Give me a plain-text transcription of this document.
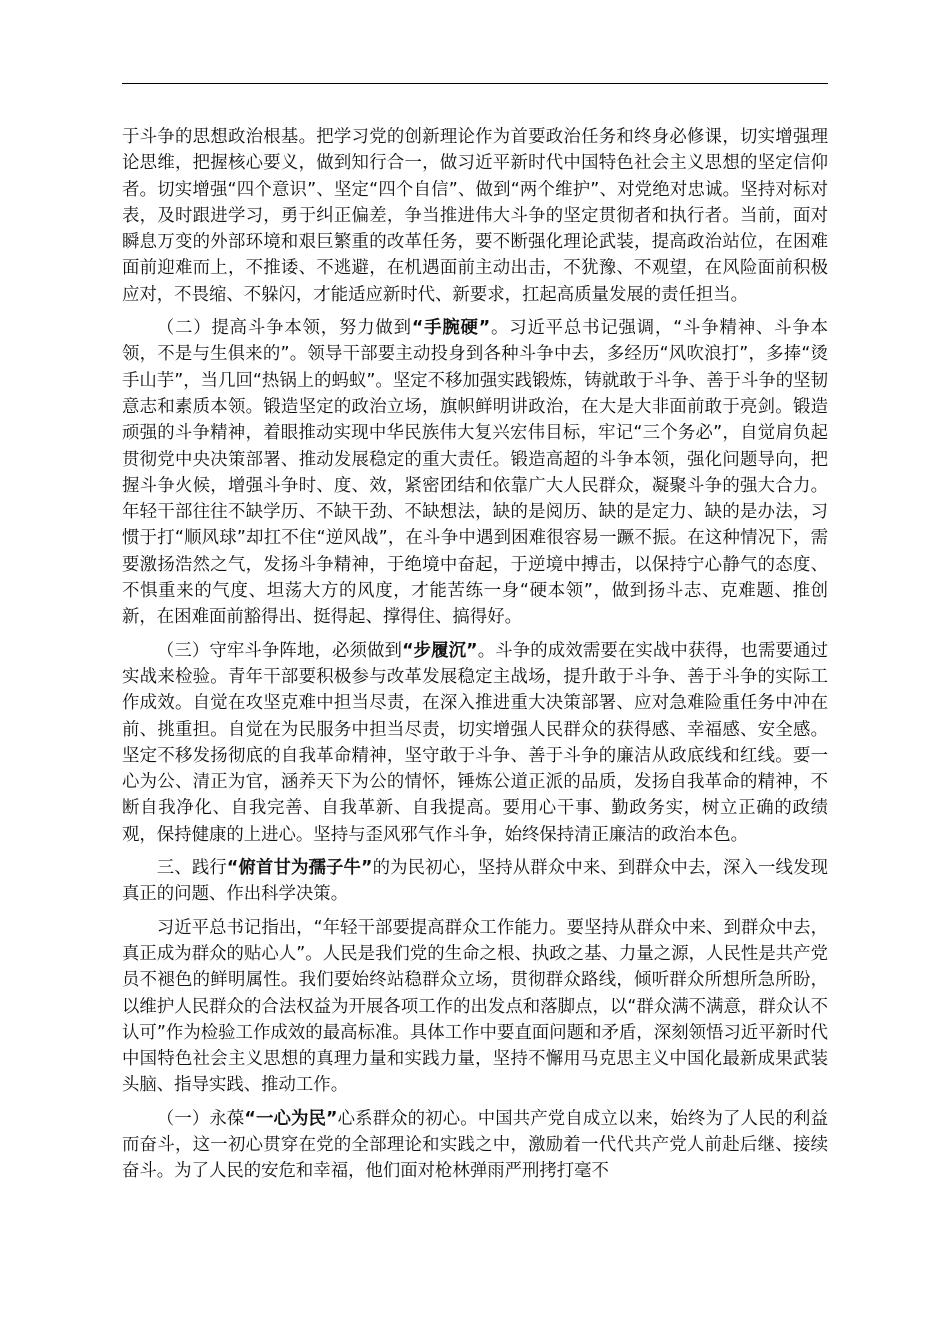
于斗争的思想政治根基。把学习党的创新理论作为首要政治任务和终身必修课，切实增强理论思维，把握核心要义，做到知行合一，做习近平新时代中国特色社会主义思想的坚定信仰者。切实增强“四个意识”、坚定“四个自信”、做到“两个维护”、对党绝对忠诚。坚持对标对表，及时跟进学习，勇于纠正偏差，争当推进伟大斗争的坚定贯彻者和执行者。当前，面对瞬息万变的外部环境和艰巨繁重的改革任务，要不断强化理论武装，提高政治站位，在困难面前迎难而上，不推诿、不逃避，在机遇面前主动出击，不犹豫、不观望，在风险面前积极应对，不畏缩、不躲闪，才能适应新时代、新要求，扛起高质量发展的责任担当。

（二）提高斗争本领，努力做到“手腕硬”。习近平总书记强调，“斗争精神、斗争本领，不是与生俱来的”。领导干部要主动投身到各种斗争中去，多经历“风吹浪打”，多捧“烫手山芋”，当几回“热锅上的蚂蚁”。坚定不移加强实践锻炼，铸就敢于斗争、善于斗争的坚韧意志和素质本领。锻造坚定的政治立场，旗帜鲜明讲政治，在大是大非面前敢于亮剑。锻造顽强的斗争精神，着眼推动实现中华民族伟大复兴宏伟目标，牢记“三个务必”，自觉肩负起贯彻党中央决策部署、推动发展稳定的重大责任。锻造高超的斗争本领，强化问题导向，把握斗争火候，增强斗争时、度、效，紧密团结和依靠广大人民群众，凝聚斗争的强大合力。年轻干部往往不缺学历、不缺干劲、不缺想法，缺的是阅历、缺的是定力、缺的是办法，习惯于打“顺风球”却扛不住“逆风战”，在斗争中遇到困难很容易一蹶不振。在这种情况下，需要激扬浩然之气，发扬斗争精神，于绝境中奋起，于逆境中搏击，以保持宁心静气的态度、不惧重来的气度、坦荡大方的风度，才能苦练一身“硬本领”，做到扬斗志、克难题、推创新，在困难面前豁得出、挺得起、撑得住、搞得好。

（三）守牢斗争阵地，必须做到“步履沉”。斗争的成效需要在实战中获得，也需要通过实战来检验。青年干部要积极参与改革发展稳定主战场，提升敢于斗争、善于斗争的实际工作成效。自觉在攻坚克难中担当尽责，在深入推进重大决策部署、应对急难险重任务中冲在前、挑重担。自觉在为民服务中担当尽责，切实增强人民群众的获得感、幸福感、安全感。坚定不移发扬彻底的自我革命精神，坚守敢于斗争、善于斗争的廉洁从政底线和红线。要一心为公、清正为官，涵养天下为公的情怀，锤炼公道正派的品质，发扬自我革命的精神，不断自我净化、自我完善、自我革新、自我提高。要用心干事、勤政务实，树立正确的政绩观，保持健康的上进心。坚持与歪风邪气作斗争，始终保持清正廉洁的政治本色。

三、践行“俯首甘为孺子牛”的为民初心，坚持从群众中来、到群众中去，深入一线发现真正的问题、作出科学决策。

习近平总书记指出，“年轻干部要提高群众工作能力。要坚持从群众中来、到群众中去，真正成为群众的贴心人”。人民是我们党的生命之根、执政之基、力量之源，人民性是共产党员不褪色的鲜明属性。我们要始终站稳群众立场，贯彻群众路线，倾听群众所想所急所盼，以维护人民群众的合法权益为开展各项工作的出发点和落脚点，以“群众满不满意，群众认不认可”作为检验工作成效的最高标准。具体工作中要直面问题和矛盾，深刻领悟习近平新时代中国特色社会主义思想的真理力量和实践力量，坚持不懈用马克思主义中国化最新成果武装头脑、指导实践、推动工作。

（一）永葆“一心为民”心系群众的初心。中国共产党自成立以来，始终为了人民的利益而奋斗，这一初心贯穿在党的全部理论和实践之中，激励着一代代共产党人前赴后继、接续奋斗。为了人民的安危和幸福，他们面对枪林弹雨严刑拷打毫不
